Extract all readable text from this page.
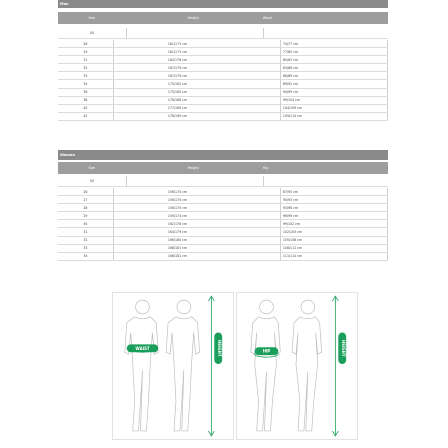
Man
Size	Height	Waist
US
28	161/173 cm	74/77 cm
29	161/173 cm	77/80 cm
31	164/176 cm	80/83 cm
32	167/179 cm	83/86 cm
33	167/179 cm	86/89 cm
34	170/182 cm	89/92 cm
36	173/185 cm	94/99 cm
38	176/188 cm	99/104 cm
40	177/189 cm	104/109 cm
42	178/190 cm	109/114 cm
Woman
Size	Height	Hip
US
26	156/170 cm	87/90 cm
27	156/170 cm	90/93 cm
28	156/170 cm	93/96 cm
29	159/174 cm	96/99 cm
30	162/178 cm	99/102 cm
31	164/179 cm	102/105 cm
32	166/180 cm	105/108 cm
33	168/181 cm	108/111 cm
34	168/181 cm	111/114 cm
WAIST	HEIGHT	HIP	HEIGHT
